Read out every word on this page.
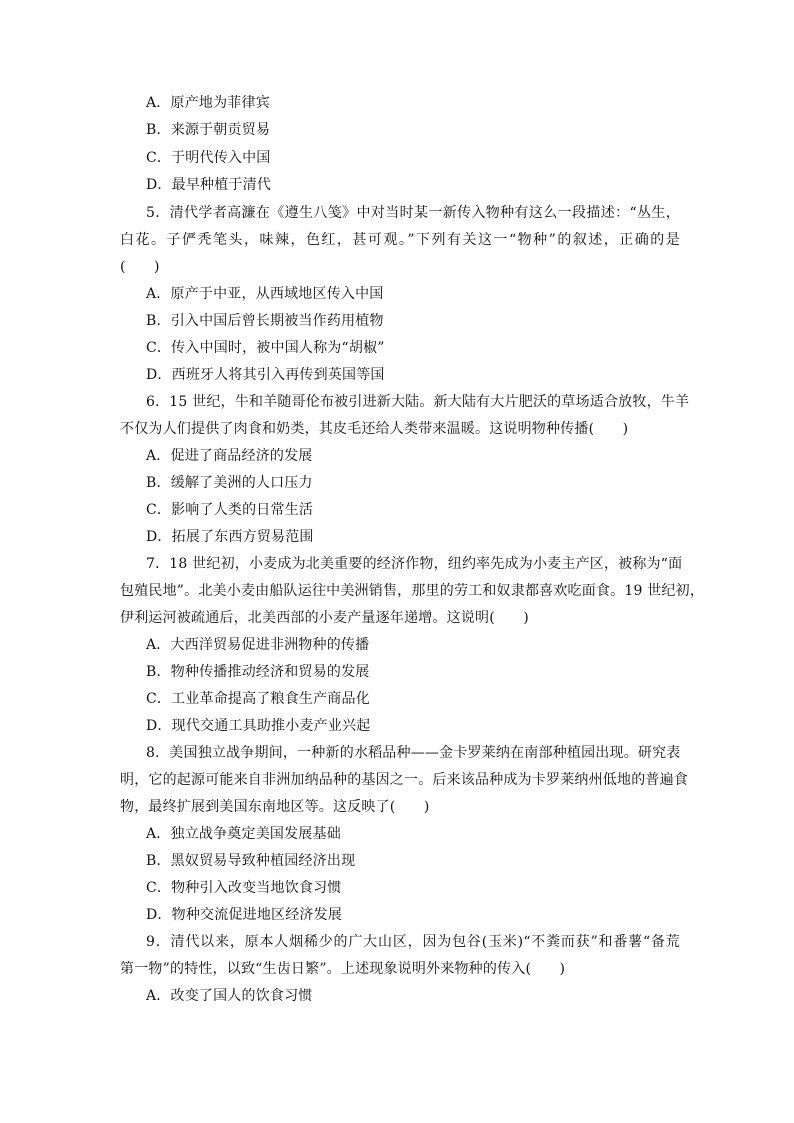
A．原产地为菲律宾
B．来源于朝贡贸易
C．于明代传入中国
D．最早种植于清代
5．清代学者高濂在《遵生八笺》中对当时某一新传入物种有这么一段描述：“丛生，
白花。子俨秃笔头，味辣，色红，甚可观。”下列有关这一“物种”的叙述，正确的是
(　　)
A．原产于中亚，从西域地区传入中国
B．引入中国后曾长期被当作药用植物
C．传入中国时，被中国人称为“胡椒”
D．西班牙人将其引入再传到英国等国
6．15 世纪，牛和羊随哥伦布被引进新大陆。新大陆有大片肥沃的草场适合放牧，牛羊
不仅为人们提供了肉食和奶类，其皮毛还给人类带来温暖。这说明物种传播(　　)
A．促进了商品经济的发展
B．缓解了美洲的人口压力
C．影响了人类的日常生活
D．拓展了东西方贸易范围
7．18 世纪初，小麦成为北美重要的经济作物，纽约率先成为小麦主产区，被称为“面
包殖民地”。北美小麦由船队运往中美洲销售，那里的劳工和奴隶都喜欢吃面食。19 世纪初，
伊利运河被疏通后，北美西部的小麦产量逐年递增。这说明(　　)
A．大西洋贸易促进非洲物种的传播
B．物种传播推动经济和贸易的发展
C．工业革命提高了粮食生产商品化
D．现代交通工具助推小麦产业兴起
8．美国独立战争期间，一种新的水稻品种——金卡罗莱纳在南部种植园出现。研究表
明，它的起源可能来自非洲加纳品种的基因之一。后来该品种成为卡罗莱纳州低地的普遍食
物，最终扩展到美国东南地区等。这反映了(　　)
A．独立战争奠定美国发展基础
B．黑奴贸易导致种植园经济出现
C．物种引入改变当地饮食习惯
D．物种交流促进地区经济发展
9．清代以来，原本人烟稀少的广大山区，因为包谷(玉米)“不粪而获”和番薯“备荒
第一物”的特性，以致“生齿日繁”。上述现象说明外来物种的传入(　　)
A．改变了国人的饮食习惯
